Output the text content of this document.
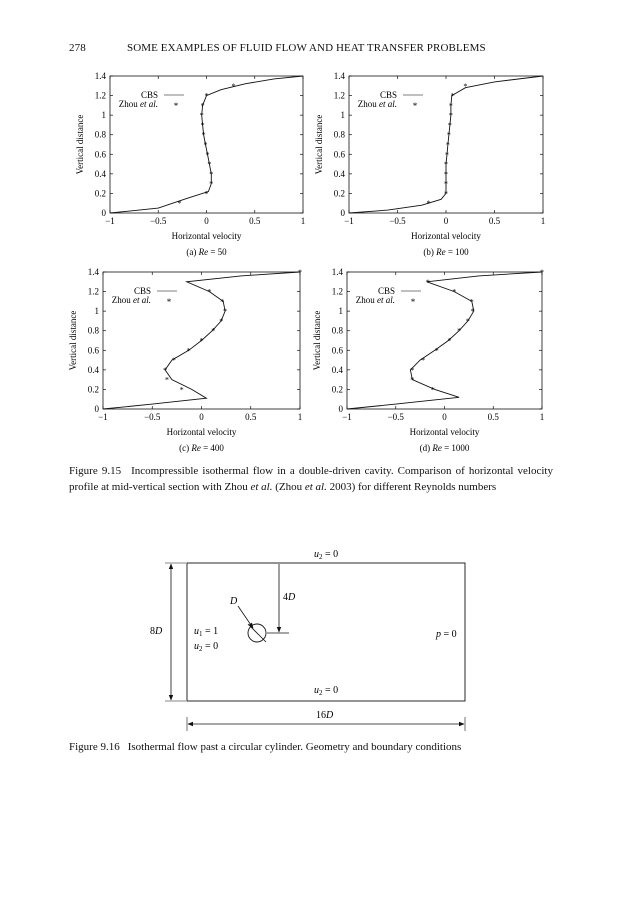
278	SOME EXAMPLES OF FLUID FLOW AND HEAT TRANSFER PROBLEMS
−1	−0.5	0	0.5	1
0
0.2
0.4
0.6
0.8
1
1.2
1.4
Horizontal velocity
Vertical distance
(a) Re = 50
CBS
Zhou et al. *
*
*
*
*
*
*
*
*
*
*
*
*
*
−1	−0.5	0	0.5	1
0
0.2
0.4
0.6
0.8
1
1.2
1.4
Horizontal velocity
Vertical distance
(b) Re = 100
CBS
Zhou et al. *
*
*
*
*
*
*
*
*
*
*
*
*
*
−1	−0.5	0	0.5	1
0
0.2
0.4
0.6
0.8
1
1.2
1.4
Horizontal velocity
Vertical distance
(c) Re = 400
CBS
Zhou et al. *
*
*
*
*
*
*
*
*
*
*
*
*
−1	−0.5	0	0.5	1
0
0.2
0.4
0.6
0.8
1
1.2
1.4
Horizontal velocity
Vertical distance
(d) Re = 1000
CBS
Zhou et al. *
*
*
*
*
*
*
*
*
*
*
*
*
*
Figure 9.15 Incompressible isothermal flow in a double-driven cavity. Comparison of horizontal velocity profile at mid-vertical section with Zhou et al. (Zhou et al. 2003) for different Reynolds numbers
$u_2 = 0$
$u_2 = 0$
$u_1 = 1$
$u_2 = 0$
p = 0
D	4D
8D
16D
Figure 9.16 Isothermal flow past a circular cylinder. Geometry and boundary conditions
